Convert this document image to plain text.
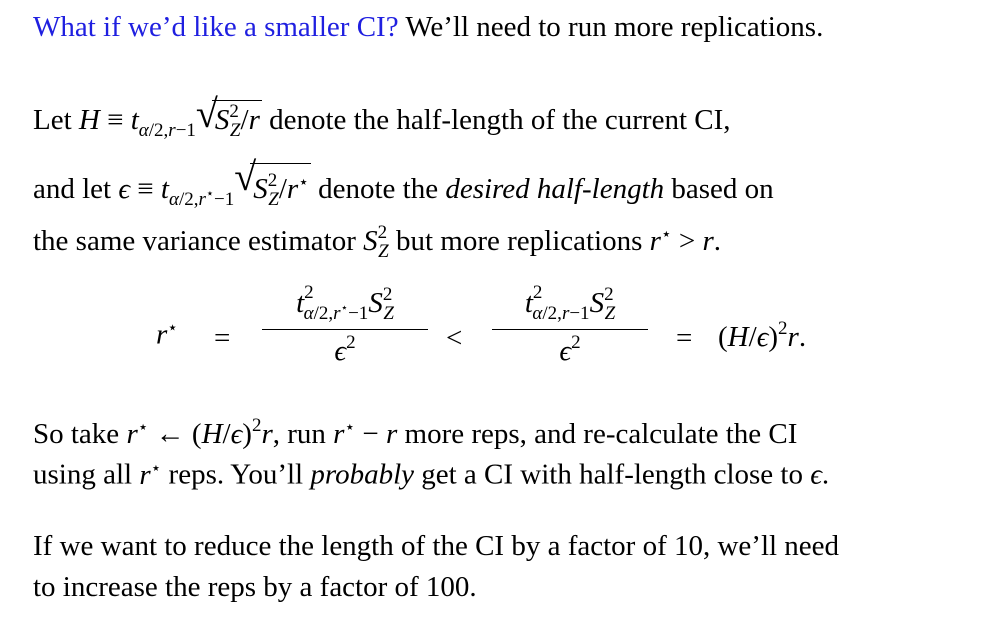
What if we’d like a smaller CI? We’ll need to run more replications.
Let $H \equiv t_{\alpha/2,r-1}$ √
$S^2_Z/r$ denote the half-length of the current CI,
and let $\epsilon \equiv t_{\alpha/2,r^⋆-1}$
√
$S^2_Z/r^⋆$ denote the desired half-length based on
the same variance estimator $S^2_Z$ but more replications r⋆ > r.
r⋆ =
$t^2_{\alpha/2,r^⋆-1}S^2_Z$
$\epsilon^2$	<
$t^2_{\alpha/2,r-1}S^2_Z$
$\epsilon^2$	= $(H/\epsilon)^2r$.
So take r⋆ ← $(H/\epsilon)^2r$, run r⋆ − r more reps, and re-calculate the CI
using all r⋆ reps. You’ll probably get a CI with half-length close to ϵ.
If we want to reduce the length of the CI by a factor of 10, we’ll need
to increase the reps by a factor of 100.
